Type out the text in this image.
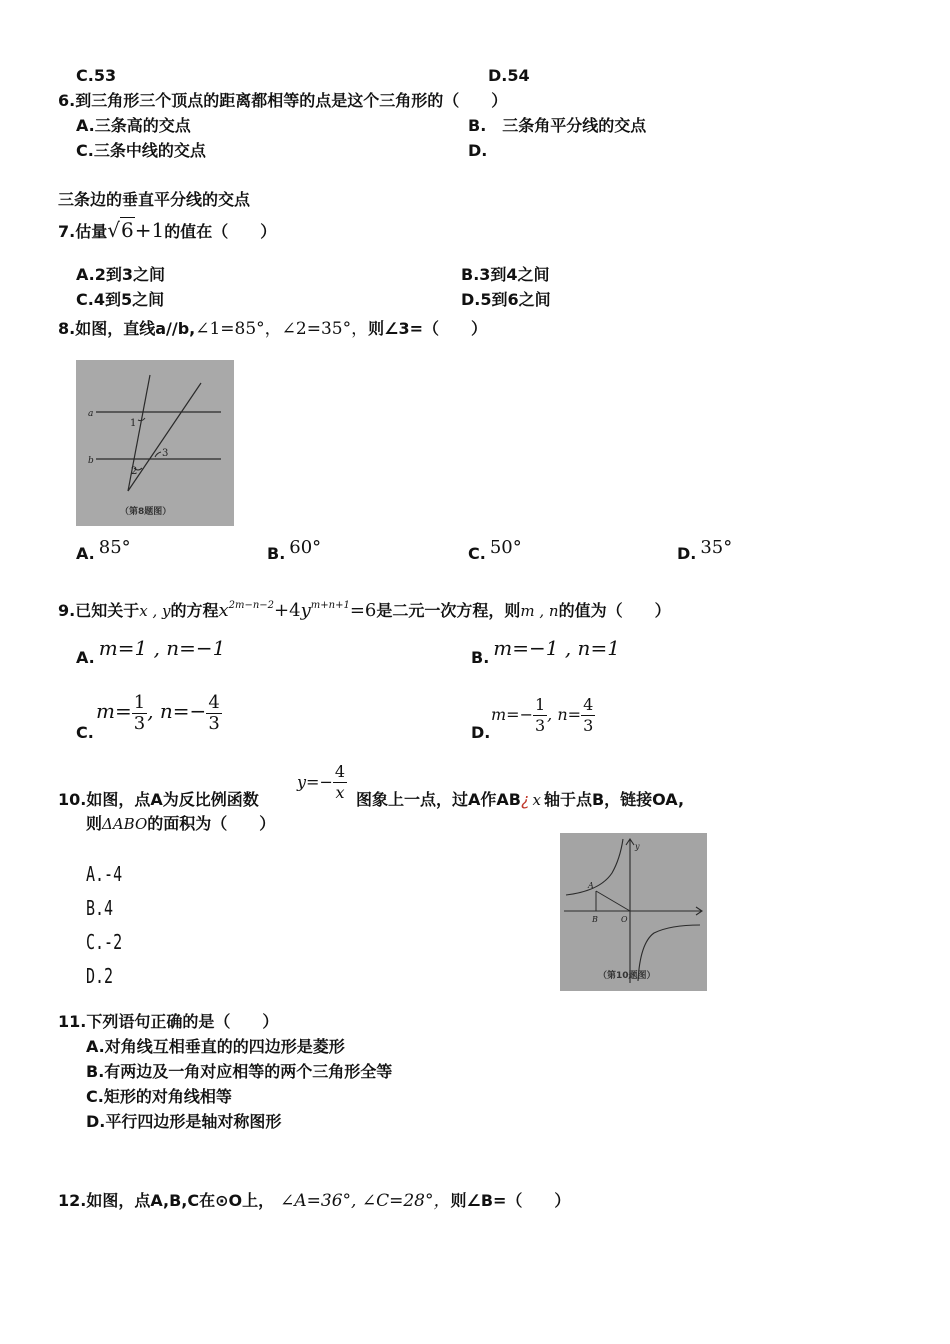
C.53	D.54
6.到三角形三个顶点的距离都相等的点是这个三角形的（　　）
A.三条高的交点	B.　三条角平分线的交点
C.三条中线的交点	D.
三条边的垂直平分线的交点
7.估量√6+1的值在（　　）
A.2到3之间	B.3到4之间
C.4到5之间	D.5到6之间
8.如图，直线a//b,∠1=85°，∠2=35°，则∠3=（　　）
a
b
1
2
3
（第8题图）
A. 85°	B. 60°	C. 50°	D. 35°
9.已知关于x , y的方程$x^{2m-n-2}+4y^{m+n+1}=6$是二元一次方程，则m , n的值为（　　）
A. m=1 , n=−1	B. m=−1 , n=1
C.
$m= \frac{1}{3}$ , $n=- \frac{4}{3}$	D.
$m=- \frac{1}{3}$ , $n= \frac{4}{3}$
10.如图，点A为反比例函数
$y=- \frac{4}{x}$ 图象上一点，过A作AB¿ x 轴于点B，链接OA,
则ΔABO的面积为（　　）
A.-4
B.4
C.-2
D.2
y
A
B	O
（第10题图）
11.下列语句正确的是（　　）
A.对角线互相垂直的的四边形是菱形
B.有两边及一角对应相等的两个三角形全等
C.矩形的对角线相等
D.平行四边形是轴对称图形
12.如图，点A,B,C在⊙O上， ∠A=36°, ∠C=28°，则∠B=（　　）
